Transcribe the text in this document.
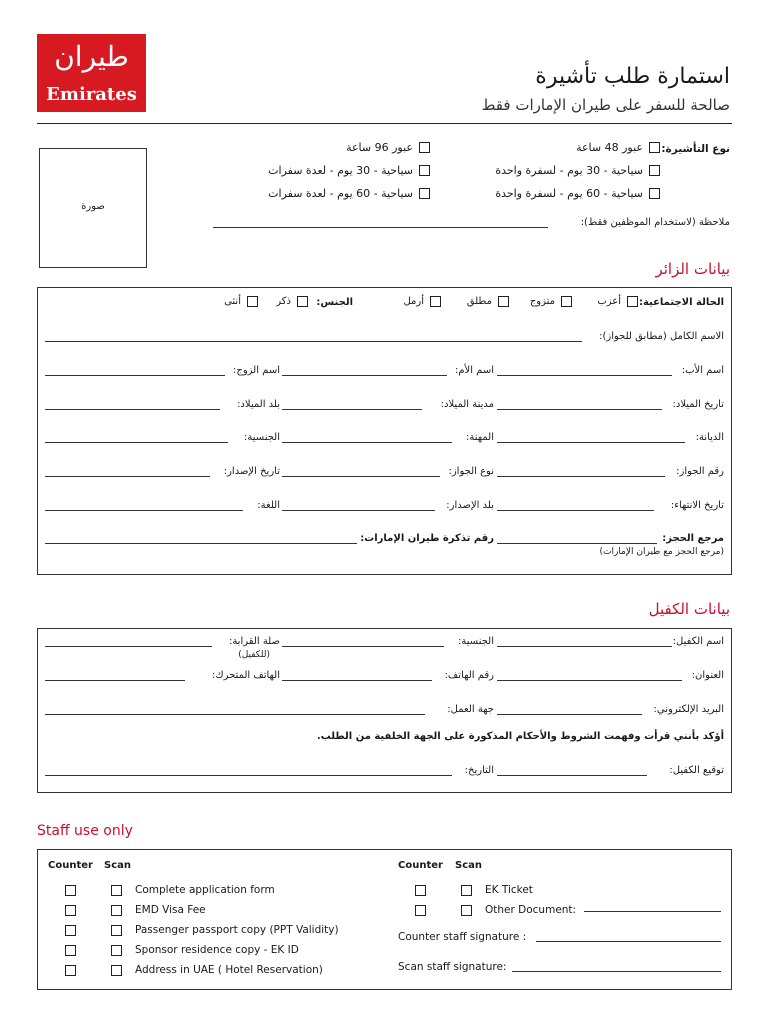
ﻃﻴﺮاﻥ
Emirates
استمارة طلب تأشيرة
صالحة للسفر على طيران الإمارات فقط
صورة
نوع التأشيرة:
عبور 48 ساعة
عبور 96 ساعة
سياحية - 30 يوم - لسفرة واحدة
سياحية - 30 يوم - لعدة سفرات
سياحية - 60 يوم - لسفرة واحدة
سياحية - 60 يوم - لعدة سفرات
ملاحظة (لاستخدام الموظفين فقط):
بيانات الزائر
الحالة الاجتماعية:
أعزب
متزوج
مطلق
أرمل
الجنس:
ذكر
أنثى
الاسم الكامل (مطابق للجواز):
اسم الأب:
اسم الأم:
اسم الزوج:
تاريخ الميلاد:
مدينة الميلاد:
بلد الميلاد:
الديانة:
المهنة:
الجنسية:
رقم الجواز:
نوع الجواز:
تاريخ الإصدار:
تاريخ الانتهاء:
بلد الإصدار:
اللغة:
مرجع الحجز:
(مرجع الحجز مع طيران الإمارات)
رقم تذكرة طيران الإمارات:
بيانات الكفيل
اسم الكفيل:
الجنسية:
صلة القرابة:
(للكفيل)
العنوان:
رقم الهاتف:
الهاتف المتحرك:
البريد الإلكتروني:
جهة العمل:
أؤكد بأنني قرأت وفهمت الشروط والأحكام المذكورة على الجهة الخلفية من الطلب.
توقيع الكفيل:
التاريخ:
Staff use only
Counter Scan
Complete application form
EMD Visa Fee
Passenger passport copy (PPT Validity)
Sponsor residence copy - EK ID
Address in UAE ( Hotel Reservation)
Counter Scan
EK Ticket
Other Document:
Counter staff signature :
Scan staff signature:
